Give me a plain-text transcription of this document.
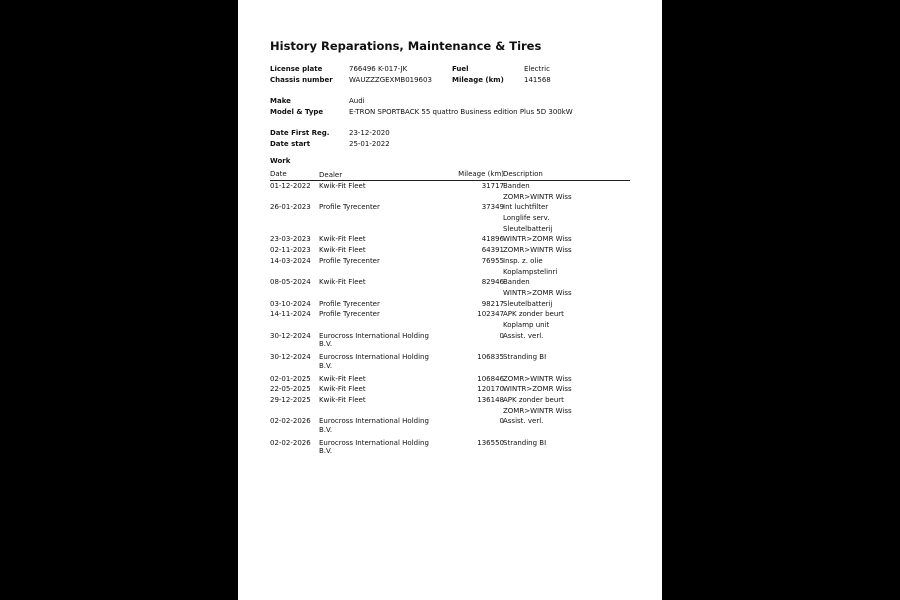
History Reparations, Maintenance & Tires
License plate	766496 K-017-JK	Fuel	Electric
Chassis number WAUZZZGEXMB019603	Mileage (km)	141568
Make	Audi
Model & Type	E-TRON SPORTBACK 55 quattro Business edition Plus 5D 300kW
Date First Reg.	23-12-2020
Date start	25-01-2022
Work
Date	Dealer	Mileage (km) Description
01-12-2022 Kwik-Fit Fleet	31717 Banden
ZOMR>WINTR Wiss
26-01-2023 Profile Tyrecenter	37349 Int luchtfilter
Longlife serv.
Sleutelbatterij
23-03-2023 Kwik-Fit Fleet	41896 WINTR>ZOMR Wiss
02-11-2023 Kwik-Fit Fleet	64391 ZOMR>WINTR Wiss
14-03-2024 Profile Tyrecenter	76955 Insp. z. olie
Koplampstelinri
08-05-2024 Kwik-Fit Fleet	82946 Banden
WINTR>ZOMR Wiss
03-10-2024 Profile Tyrecenter	98217 Sleutelbatterij
14-11-2024 Profile Tyrecenter	102347 APK zonder beurt
Koplamp unit
30-12-2024 Eurocross International Holding B.V.
0 Assist. verl.
30-12-2024 Eurocross International Holding B.V.
106835 Stranding BI
02-01-2025 Kwik-Fit Fleet	106846 ZOMR>WINTR Wiss
22-05-2025 Kwik-Fit Fleet	120170 WINTR>ZOMR Wiss
29-12-2025 Kwik-Fit Fleet	136148 APK zonder beurt
ZOMR>WINTR Wiss
02-02-2026 Eurocross International Holding B.V.
0 Assist. verl.
02-02-2026 Eurocross International Holding B.V.
136550 Stranding BI
